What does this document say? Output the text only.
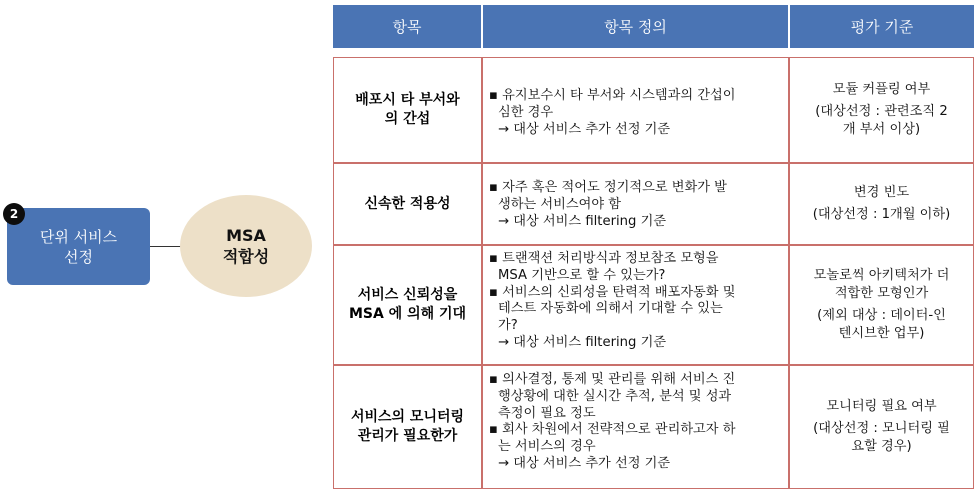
단위 서비스
선정
2
MSA
적합성
항목	항목 정의	평가 기준
배포시 타 부서와
의 간섭
▪ 유지보수시 타 부서와 시스템과의 간섭이
심한 경우
→ 대상 서비스 추가 선정 기준
모듈 커플링 여부
(대상선정 : 관련조직 2
개 부서 이상)
신속한 적용성
▪ 자주 혹은 적어도 정기적으로 변화가 발
생하는 서비스여야 함
→ 대상 서비스 filtering 기준
변경 빈도
(대상선정 : 1개월 이하)
서비스 신뢰성을
MSA 에 의해 기대
▪ 트랜잭션 처리방식과 정보참조 모형을
MSA 기반으로 할 수 있는가?
▪ 서비스의 신뢰성을 탄력적 배포자동화 및
테스트 자동화에 의해서 기대할 수 있는
가?
→ 대상 서비스 filtering 기준
모놀로씩 아키텍처가 더
적합한 모형인가
(제외 대상 : 데이터-인
텐시브한 업무)
서비스의 모니터링
관리가 필요한가
▪ 의사결정, 통제 및 관리를 위해 서비스 진
행상황에 대한 실시간 추적, 분석 및 성과
측정이 필요 정도
▪ 회사 차원에서 전략적으로 관리하고자 하
는 서비스의 경우
→ 대상 서비스 추가 선정 기준
모니터링 필요 여부
(대상선정 : 모니터링 필
요할 경우)
